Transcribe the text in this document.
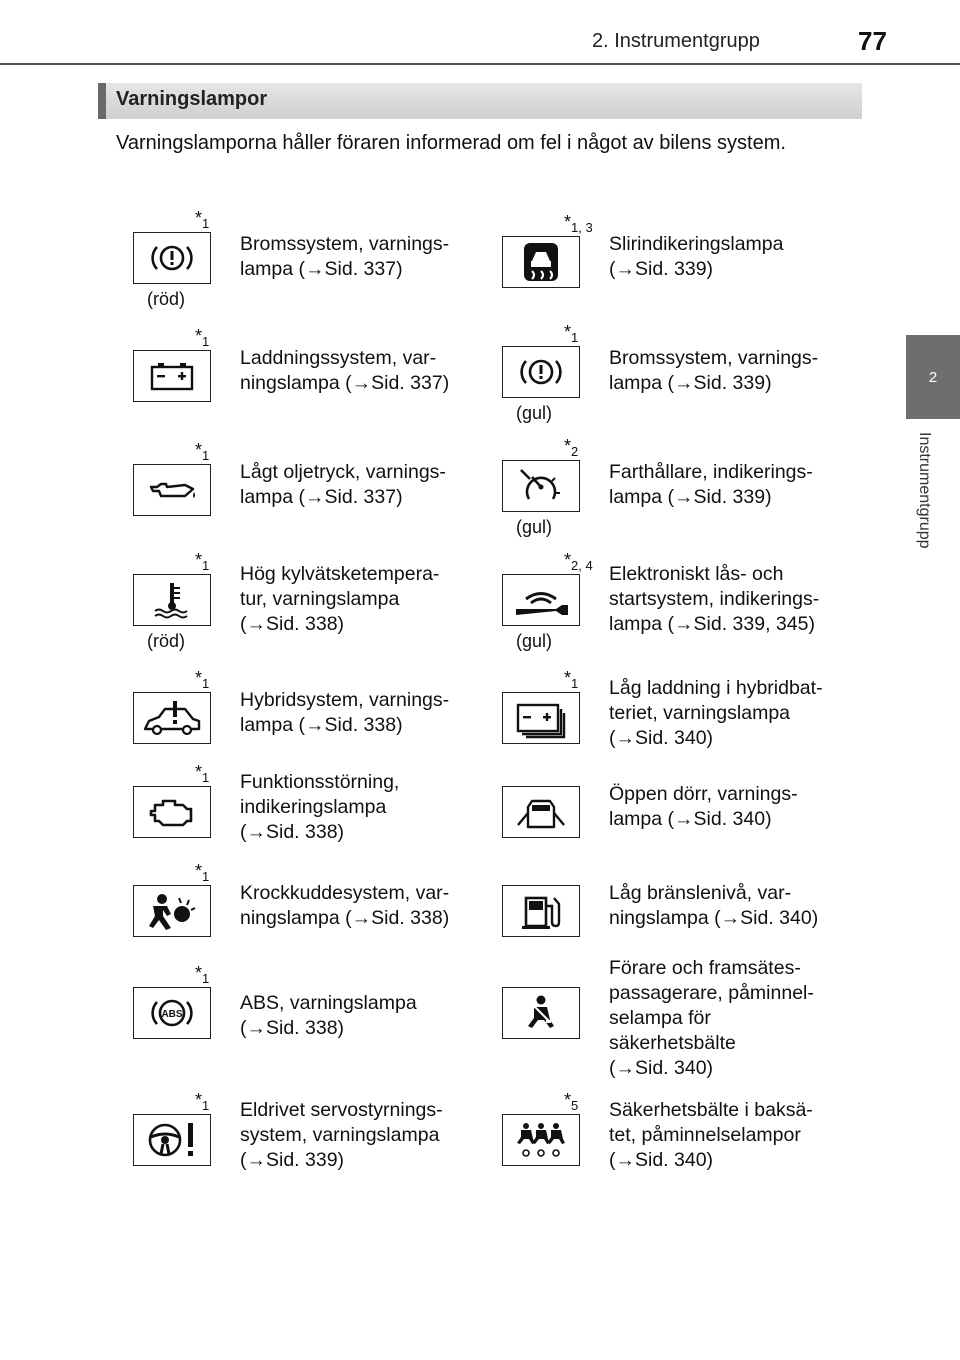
2. Instrumentgrupp	77
2
Instrumentgrupp
Varningslampor
Varningslamporna håller föraren informerad om fel i något av bilens system.
$*_1$
(röd)
Bromssystem, varnings-
lampa (→Sid. 337)
$*_{1, 3}$
Slirindikeringslampa
(→Sid. 339)
$*_1$
Laddningssystem, var-
ningslampa (→Sid. 337)
$*_1$
(gul)
Bromssystem, varnings-
lampa (→Sid. 339)
$*_1$
Lågt oljetryck, varnings-
lampa (→Sid. 337)
$*_2$
(gul)
Farthållare, indikerings-
lampa (→Sid. 339)
$*_1$
(röd)
Hög kylvätsketempera-
tur, varningslampa
(→Sid. 338)
$*_{2, 4}$
(gul)
Elektroniskt lås- och
startsystem, indikerings-
lampa (→Sid. 339, 345)
$*_1$
Hybridsystem, varnings-
lampa (→Sid. 338)
$*_1$ Låg laddning i hybridbat-
teriet, varningslampa
(→Sid. 340)
$*_1$ Funktionsstörning,
indikeringslampa
(→Sid. 338)
Öppen dörr, varnings-
lampa (→Sid. 340)
$*_1$
Krockkuddesystem, var-
ningslampa (→Sid. 338)
Låg bränslenivå, var-
ningslampa (→Sid. 340)
$*_1$
ABS
ABS, varningslampa
(→Sid. 338)
Förare och framsätes-
passagerare, påminnel-
selampa för
säkerhetsbälte
(→Sid. 340)
$*_1$ Eldrivet servostyrnings-
system, varningslampa
(→Sid. 339)
$*_5$ Säkerhetsbälte i baksä-
tet, påminnelselampor
(→Sid. 340)
